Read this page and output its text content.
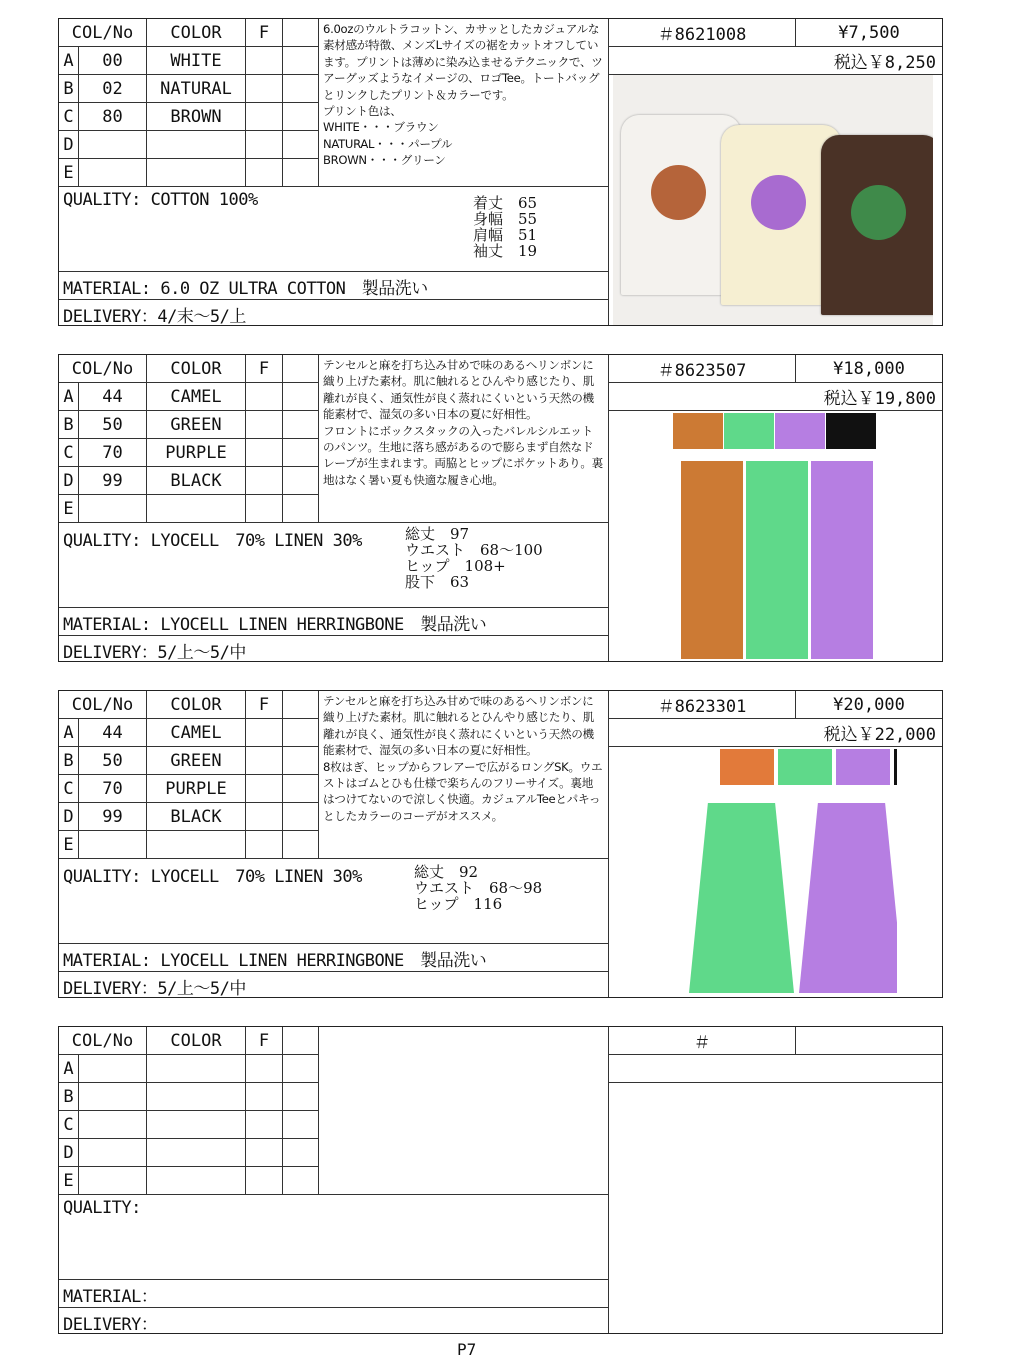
P7
COL/No	COLOR	F
A	00	WHITE
B	02	NATURAL
C	80	BROWN
D
E
6.0ozのウルトラコットン、カサッとしたカジュアルな素材感が特徴、メンズLサイズの裾をカットオフしています。プリントは薄めに染み込ませるテクニックで、ツアーグッズようなイメージの、ロゴTee。トートバッグとリンクしたプリント＆カラーです。
プリント色は、
WHITE・・・ブラウン
NATURAL・・・パープル
BROWN・・・グリーン
QUALITY: COTTON 100%	着丈　65
身幅　55
肩幅　51
袖丈　19
MATERIAL: 6.0 OZ ULTRA COTTON　製品洗い
DELIVERY：4/末～5/上
＃8621008	¥7,500
税込￥8,250
COL/No	COLOR	F
A	44	CAMEL
B	50	GREEN
C	70	PURPLE
D	99	BLACK
E
テンセルと麻を打ち込み甘めで味のあるヘリンボンに織り上げた素材。肌に触れるとひんやり感じたり、肌離れが良く、通気性が良く蒸れにくいという天然の機能素材で、湿気の多い日本の夏に好相性。
フロントにボックスタックの入ったバレルシルエットのパンツ。生地に落ち感があるので膨らまず自然なドレープが生まれます。両脇とヒップにポケットあり。裏地はなく暑い夏も快適な履き心地。
QUALITY: LYOCELL　70% LINEN 30%	総丈　97
ウエスト　68～100
ヒップ　108+
股下　63
MATERIAL: LYOCELL LINEN HERRINGBONE　製品洗い
DELIVERY：5/上～5/中
＃8623507	¥18,000
税込￥19,800
COL/No	COLOR	F
A	44	CAMEL
B	50	GREEN
C	70	PURPLE
D	99	BLACK
E
テンセルと麻を打ち込み甘めで味のあるヘリンボンに織り上げた素材。肌に触れるとひんやり感じたり、肌離れが良く、通気性が良く蒸れにくいという天然の機能素材で、湿気の多い日本の夏に好相性。
8枚はぎ、ヒップからフレアーで広がるロングSK。ウエストはゴムとひも仕様で楽ちんのフリーサイズ。裏地はつけてないので涼しく快適。カジュアルTeeとパキっとしたカラーのコーデがオススメ。
QUALITY: LYOCELL　70% LINEN 30%	総丈　92
ウエスト　68～98
ヒップ　116
MATERIAL: LYOCELL LINEN HERRINGBONE　製品洗い
DELIVERY：5/上～5/中
＃8623301	¥20,000
税込￥22,000
COL/No	COLOR	F
A
B
C
D
E
QUALITY:
MATERIAL：
DELIVERY：
＃
